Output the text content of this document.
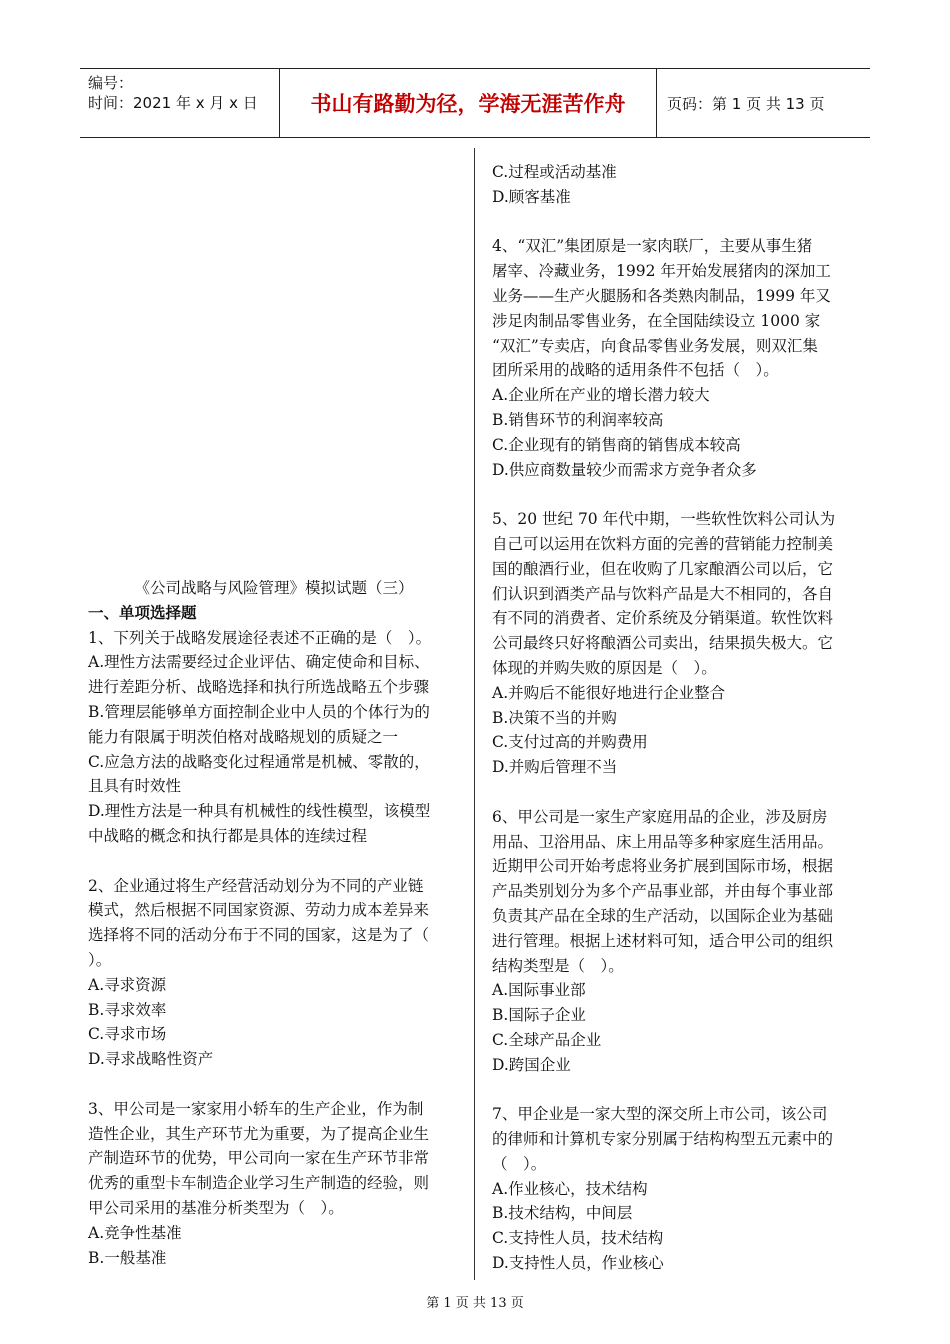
编号：
时间：2021 年 x 月 x 日	书山有路勤为径，学海无涯苦作舟	页码：第 1 页 共 13 页

《公司战略与风险管理》模拟试题（三）

一、单项选择题

1、下列关于战略发展途径表述不正确的是（　）。

A.理性方法需要经过企业评估、确定使命和目标、

进行差距分析、战略选择和执行所选战略五个步骤

B.管理层能够单方面控制企业中人员的个体行为的

能力有限属于明茨伯格对战略规划的质疑之一

C.应急方法的战略变化过程通常是机械、零散的，

且具有时效性

D.理性方法是一种具有机械性的线性模型，该模型

中战略的概念和执行都是具体的连续过程

2、企业通过将生产经营活动划分为不同的产业链

模式，然后根据不同国家资源、劳动力成本差异来

选择将不同的活动分布于不同的国家，这是为了（

）。

A.寻求资源

B.寻求效率

C.寻求市场

D.寻求战略性资产

3、甲公司是一家家用小轿车的生产企业，作为制

造性企业，其生产环节尤为重要，为了提高企业生

产制造环节的优势，甲公司向一家在生产环节非常

优秀的重型卡车制造企业学习生产制造的经验，则

甲公司采用的基准分析类型为（　）。

A.竞争性基准

B.一般基准

C.过程或活动基准

D.顾客基准

4、“双汇”集团原是一家肉联厂，主要从事生猪

屠宰、冷藏业务，1992 年开始发展猪肉的深加工

业务——生产火腿肠和各类熟肉制品，1999 年又

涉足肉制品零售业务，在全国陆续设立 1000 家

“双汇”专卖店，向食品零售业务发展，则双汇集

团所采用的战略的适用条件不包括（　）。

A.企业所在产业的增长潜力较大

B.销售环节的利润率较高

C.企业现有的销售商的销售成本较高

D.供应商数量较少而需求方竞争者众多

5、20 世纪 70 年代中期，一些软性饮料公司认为

自己可以运用在饮料方面的完善的营销能力控制美

国的酿酒行业，但在收购了几家酿酒公司以后，它

们认识到酒类产品与饮料产品是大不相同的，各自

有不同的消费者、定价系统及分销渠道。软性饮料

公司最终只好将酿酒公司卖出，结果损失极大。它

体现的并购失败的原因是（　）。

A.并购后不能很好地进行企业整合

B.决策不当的并购

C.支付过高的并购费用

D.并购后管理不当

6、甲公司是一家生产家庭用品的企业，涉及厨房

用品、卫浴用品、床上用品等多种家庭生活用品。

近期甲公司开始考虑将业务扩展到国际市场，根据

产品类别划分为多个产品事业部，并由每个事业部

负责其产品在全球的生产活动，以国际企业为基础

进行管理。根据上述材料可知，适合甲公司的组织

结构类型是（　）。

A.国际事业部

B.国际子企业

C.全球产品企业

D.跨国企业

7、甲企业是一家大型的深交所上市公司，该公司

的律师和计算机专家分别属于结构构型五元素中的

（　）。

A.作业核心，技术结构

B.技术结构，中间层

C.支持性人员，技术结构

D.支持性人员，作业核心

第 1 页 共 13 页
